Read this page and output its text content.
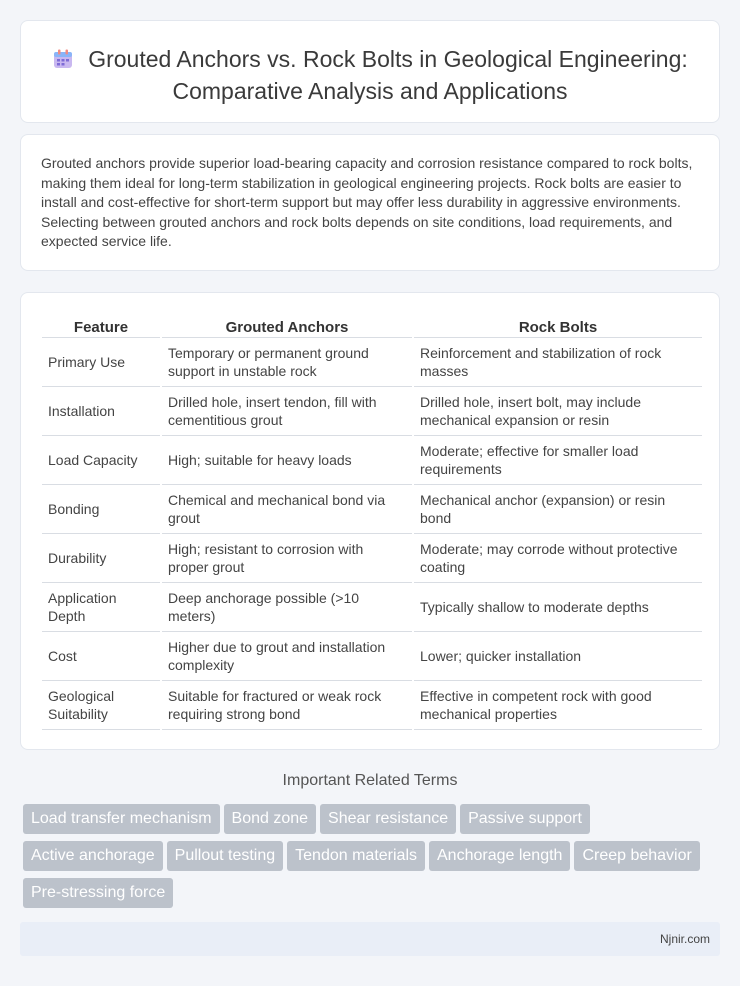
Grouted Anchors vs. Rock Bolts in Geological Engineering: Comparative Analysis and Applications

Grouted anchors provide superior load-bearing capacity and corrosion resistance compared to rock bolts, making them ideal for long-term stabilization in geological engineering projects. Rock bolts are easier to install and cost-effective for short-term support but may offer less durability in aggressive environments. Selecting between grouted anchors and rock bolts depends on site conditions, load requirements, and expected service life.

Feature	Grouted Anchors	Rock Bolts
Primary Use	Temporary or permanent ground support in unstable rock	Reinforcement and stabilization of rock masses
Installation	Drilled hole, insert tendon, fill with cementitious grout	Drilled hole, insert bolt, may include mechanical expansion or resin
Load Capacity	High; suitable for heavy loads	Moderate; effective for smaller load requirements
Bonding	Chemical and mechanical bond via grout	Mechanical anchor (expansion) or resin bond
Durability	High; resistant to corrosion with proper grout	Moderate; may corrode without protective coating
Application Depth	Deep anchorage possible (>10 meters)	Typically shallow to moderate depths
Cost	Higher due to grout and installation complexity	Lower; quicker installation
Geological Suitability	Suitable for fractured or weak rock requiring strong bond	Effective in competent rock with good mechanical properties
Important Related Terms
Load transfer mechanism Bond zone Shear resistance Passive support
Active anchorage Pullout testing Tendon materials Anchorage length Creep behavior
Pre-stressing force
Njnir.com
